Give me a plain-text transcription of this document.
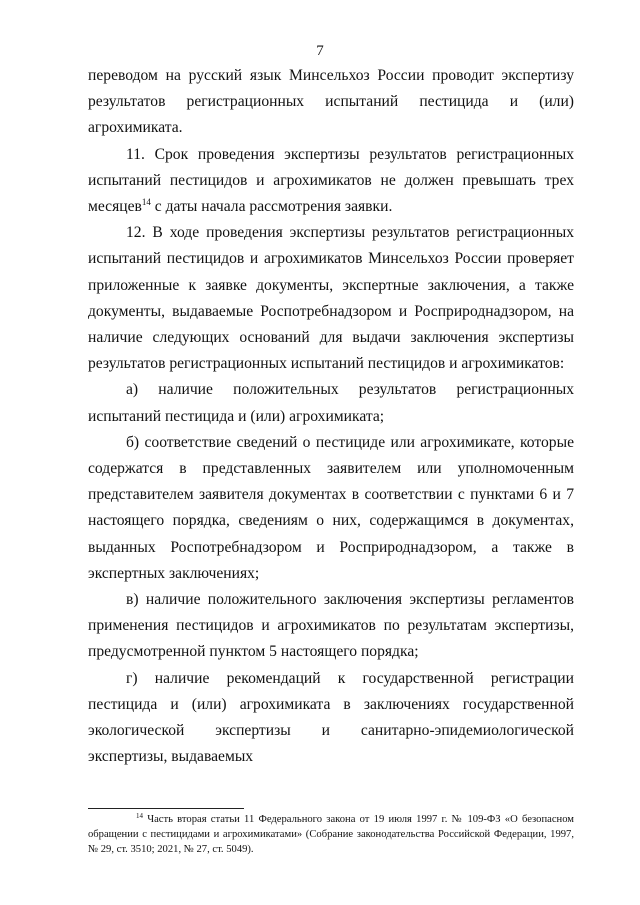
7

переводом на русский язык Минсельхоз России проводит экспертизу результатов регистрационных испытаний пестицида и (или) агрохимиката.

11. Срок проведения экспертизы результатов регистрационных испытаний пестицидов и агрохимикатов не должен превышать трех месяцев$^{14}$ с даты начала рассмотрения заявки.

12. В ходе проведения экспертизы результатов регистрационных испытаний пестицидов и агрохимикатов Минсельхоз России проверяет приложенные к заявке документы, экспертные заключения, а также документы, выдаваемые Роспотребнадзором и Росприроднадзором, на наличие следующих оснований для выдачи заключения экспертизы результатов регистрационных испытаний пестицидов и агрохимикатов:

а) наличие положительных результатов регистрационных испытаний пестицида и (или) агрохимиката;

б) соответствие сведений о пестициде или агрохимикате, которые содержатся в представленных заявителем или уполномоченным представителем заявителя документах в соответствии с пунктами 6 и 7 настоящего порядка, сведениям о них, содержащимся в документах, выданных Роспотребнадзором и Росприроднадзором, а также в экспертных заключениях;

в) наличие положительного заключения экспертизы регламентов применения пестицидов и агрохимикатов по результатам экспертизы, предусмотренной пунктом 5 настоящего порядка;

г) наличие рекомендаций к государственной регистрации пестицида и (или) агрохимиката в заключениях государственной экологической экспертизы и санитарно-эпидемиологической экспертизы, выдаваемых

$^{14}$ Часть вторая статьи 11 Федерального закона от 19 июля 1997 г. № 109-ФЗ «О безопасном обращении с пестицидами и агрохимикатами» (Собрание законодательства Российской Федерации, 1997, № 29, ст. 3510; 2021, № 27, ст. 5049).
